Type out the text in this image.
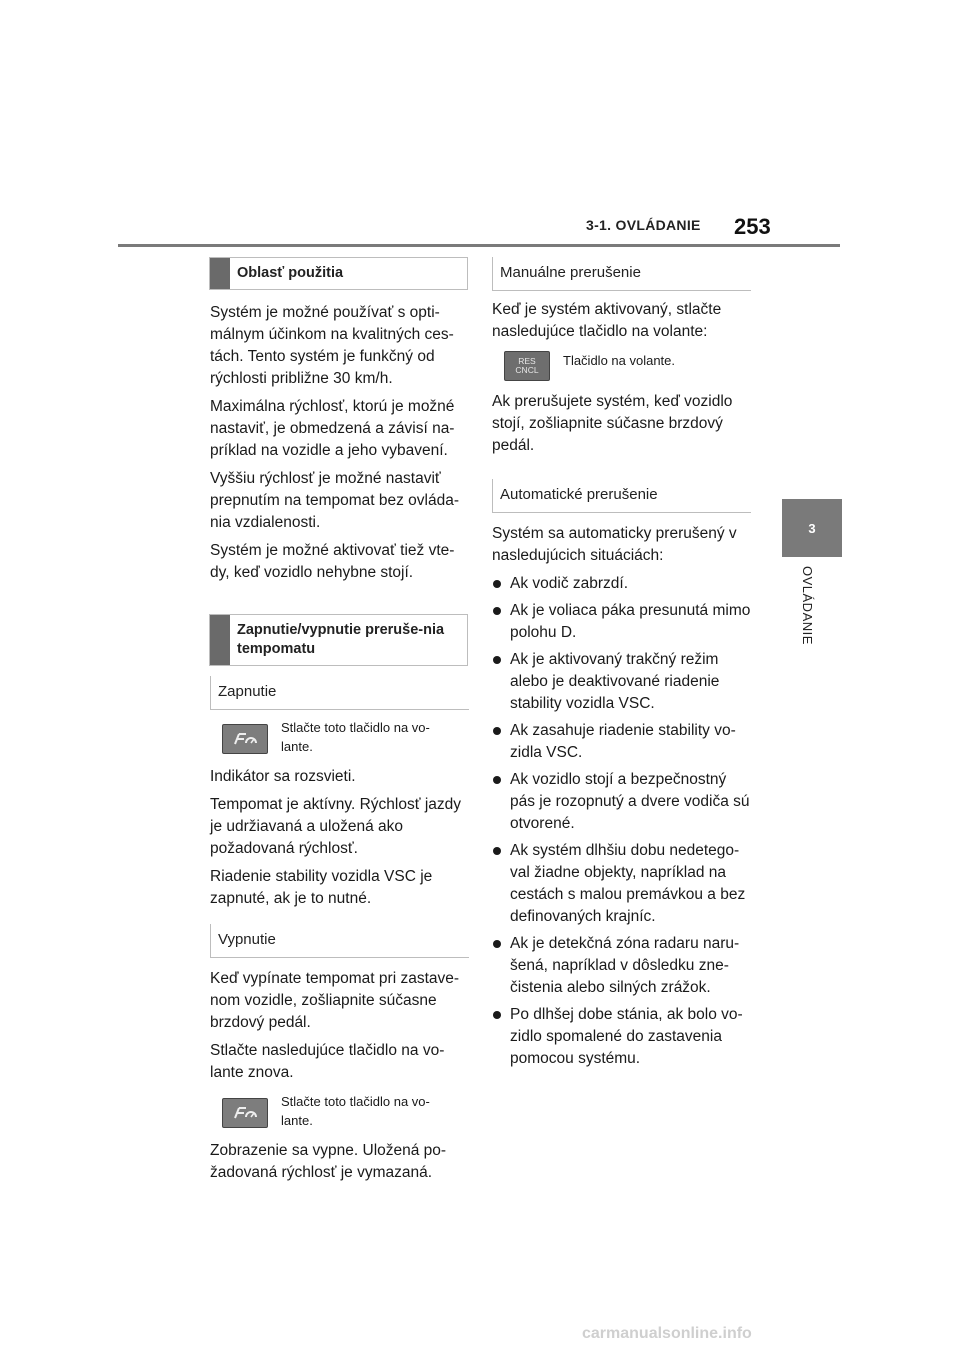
3-1. OVLÁDANIE 253
3
OVLÁDANIE
Oblasť použitia

Systém je možné používať s opti-málnym účinkom na kvalitných ces-tách. Tento systém je funkčný od rýchlosti približne 30 km/h.

Maximálna rýchlosť, ktorú je možné nastaviť, je obmedzená a závisí na-príklad na vozidle a jeho vybavení.

Vyššiu rýchlosť je možné nastaviť prepnutím na tempomat bez ovláda-nia vzdialenosti.

Systém je možné aktivovať tiež vte-dy, keď vozidlo nehybne stojí.

Zapnutie/vypnutie preruše-nia tempomatu
Zapnutie
Stlačte toto tlačidlo na vo-lante.

Indikátor sa rozsvieti.

Tempomat je aktívny. Rýchlosť jazdy je udržiavaná a uložená ako požadovaná rýchlosť.

Riadenie stability vozidla VSC je zapnuté, ak je to nutné.

Vypnutie

Keď vypínate tempomat pri zastave-nom vozidle, zošliapnite súčasne brzdový pedál.

Stlačte nasledujúce tlačidlo na vo-lante znova.

Stlačte toto tlačidlo na vo-lante.

Zobrazenie sa vypne. Uložená po-žadovaná rýchlosť je vymazaná.

Manuálne prerušenie

Keď je systém aktivovaný, stlačte nasledujúce tlačidlo na volante:

RES
CNCL
Tlačidlo na volante.

Ak prerušujete systém, keď vozidlo stojí, zošliapnite súčasne brzdový pedál.

Automatické prerušenie

Systém sa automaticky prerušený v nasledujúcich situáciách:

Ak vodič zabrzdí.
Ak je voliaca páka presunutá mimo polohu D.
Ak je aktivovaný trakčný režim alebo je deaktivované riadenie stability vozidla VSC.
Ak zasahuje riadenie stability vo-zidla VSC.
Ak vozidlo stojí a bezpečnostný pás je rozopnutý a dvere vodiča sú otvorené.
Ak systém dlhšiu dobu nedetego-val žiadne objekty, napríklad na cestách s malou premávkou a bez definovaných krajníc.
Ak je detekčná zóna radaru naru-šená, napríklad v dôsledku zne-čistenia alebo silných zrážok.
Po dlhšej dobe stánia, ak bolo vo-zidlo spomalené do zastavenia pomocou systému.
carmanualsonline.info
